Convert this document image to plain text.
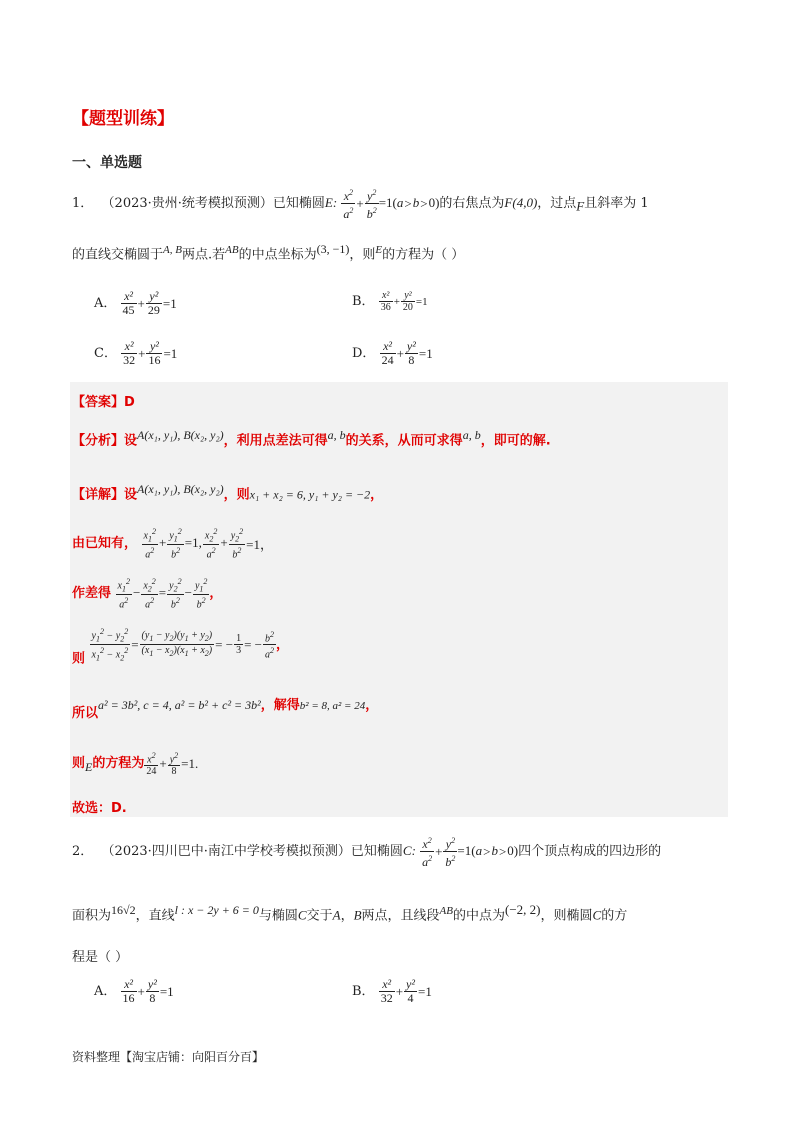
【题型训练】
一、单选题
1． （2023·贵州·统考模拟预测）已知椭圆E: $\frac{x^2}{a^2} + \frac{y^2}{b^2} =1(a>b>0)$的右焦点为F(4,0)，过点$_F$且斜率为 1
的直线交椭圆于$^{A, B}$两点.若$^{AB}$的中点坐标为$^{(3, -1)}$，则$^E$的方程为（ ）
A． $\frac{\text{x²}}{45} + \frac{\text{y²}}{29} =1$	B． $\frac{\text{x²}}{36} + \frac{\text{y²}}{20} =1$
C． $\frac{\text{x²}}{32} + \frac{\text{y²}}{16} =1$	D． $\frac{\text{x²}}{24} + \frac{\text{y²}}{8} =1$
【答案】D
【分析】设$^{A(x_1, y_1), B(x_2, y_2)}$，利用点差法可得$^{a, b}$的关系，从而可求得$^{a, b}$，即可的解.
【详解】设$^{A(x_1, y_1), B(x_2, y_2)}$，则x₁ + x₂ = 6, y₁ + y₂ = −2，
由已知有， $\frac{x_1^2}{a^2} + \frac{y_1^2}{b^2} =1$, $\frac{x_2^2}{a^2} + \frac{y_2^2}{b^2} =1$，
作差得 $\frac{x_1^2}{a^2} - \frac{x_2^2}{a^2} = \frac{y_2^2}{b^2} - \frac{y_1^2}{b^2}$ ，
则 $\frac{y_1^2 - y_2^2}{x_1^2 - x_2^2} = \frac{(y_1 - y_2)(y_1 + y_2)}{(x_1 - x_2)(x_1 + x_2)}$ = − $\frac{1}{3}$ = − $\frac{b^2}{a^2}$ ，
所以a² = 3b², c = 4, a² = b² + c² = 3b²，解得b² = 8, a² = 24，
则$_E$的方程为 $\frac{x^2}{24} + \frac{y^2}{8} =1$.
故选：D.
2． （2023·四川巴中·南江中学校考模拟预测）已知椭圆C: $\frac{x^2}{a^2} + \frac{y^2}{b^2} =1(a>b>0)$四个顶点构成的四边形的
面积为$^{16√2}$，直线$^{l : x - 2y + 6 = 0}$与椭圆C交于A，B两点，且线段$^{AB}$的中点为$^{(-2, 2)}$，则椭圆C的方
程是（ ）
A． $\frac{\text{x²}}{16} + \frac{\text{y²}}{8} =1$	B． $\frac{\text{x²}}{32} + \frac{\text{y²}}{4} =1$
资料整理【淘宝店铺：向阳百分百】
